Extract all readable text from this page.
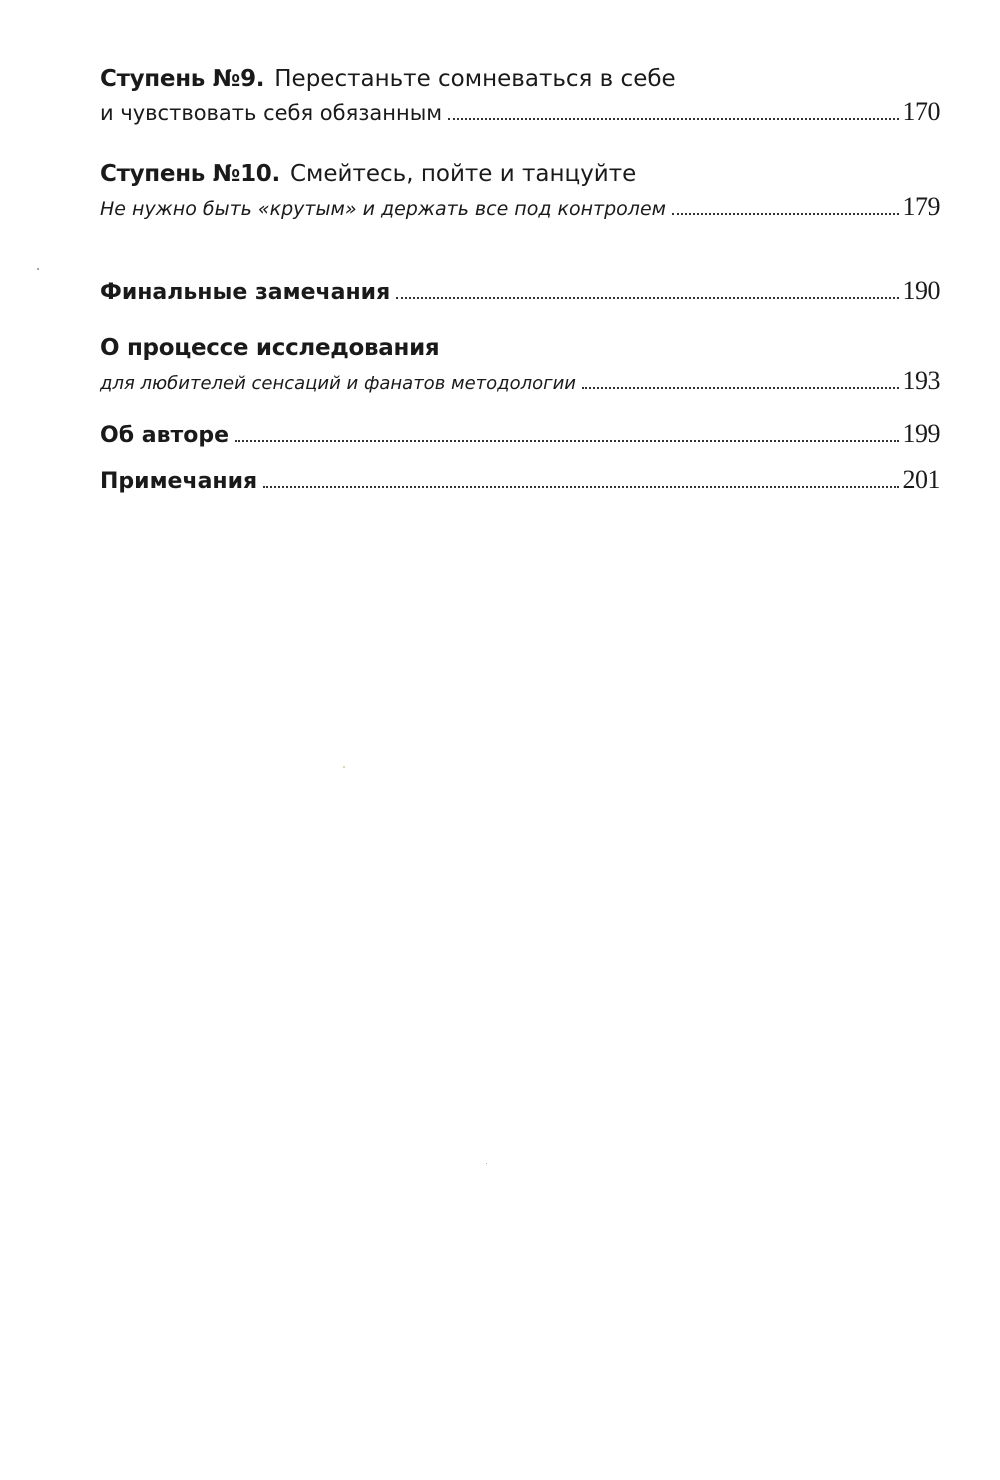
Ступень №9. Перестаньте сомневаться в себе
и чувствовать себя обязанным	170
Ступень №10. Смейтесь, пойте и танцуйте
Не нужно быть «крутым» и держать все под контролем	179
Финальные замечания	190
О процессе исследования
для любителей сенсаций и фанатов методологии	193
Об авторе	199
Примечания	201
